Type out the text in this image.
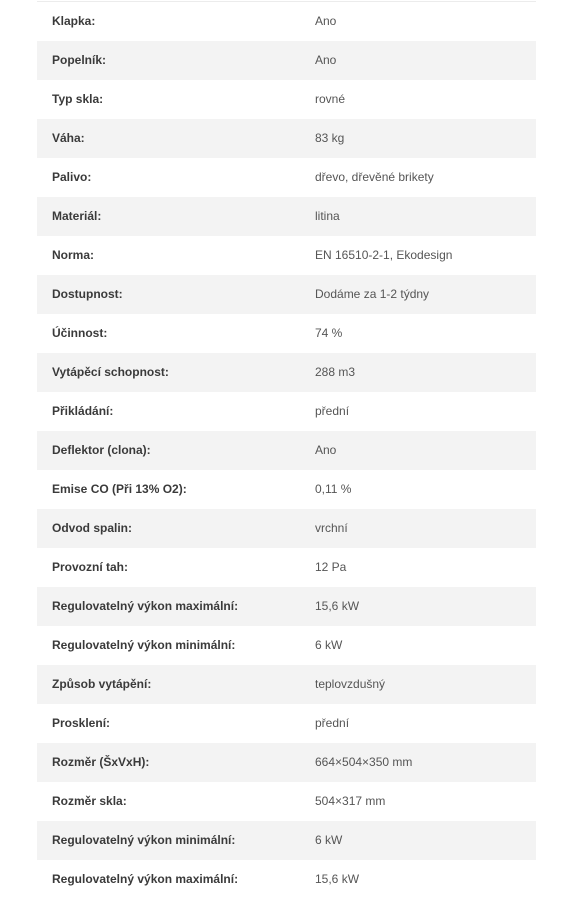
Klapka:	Ano
Popelník:	Ano
Typ skla:	rovné
Váha:	83 kg
Palivo:	dřevo, dřevěné brikety
Materiál:	litina
Norma:	EN 16510-2-1, Ekodesign
Dostupnost:	Dodáme za 1-2 týdny
Účinnost:	74 %
Vytápěcí schopnost:	288 m3
Přikládání:	přední
Deflektor (clona):	Ano
Emise CO (Při 13% O2):	0,11 %
Odvod spalin:	vrchní
Provozní tah:	12 Pa
Regulovatelný výkon maximální:	15,6 kW
Regulovatelný výkon minimální:	6 kW
Způsob vytápění:	teplovzdušný
Prosklení:	přední
Rozměr (ŠxVxH):	664×504×350 mm
Rozměr skla:	504×317 mm
Regulovatelný výkon minimální:	6 kW
Regulovatelný výkon maximální:	15,6 kW
